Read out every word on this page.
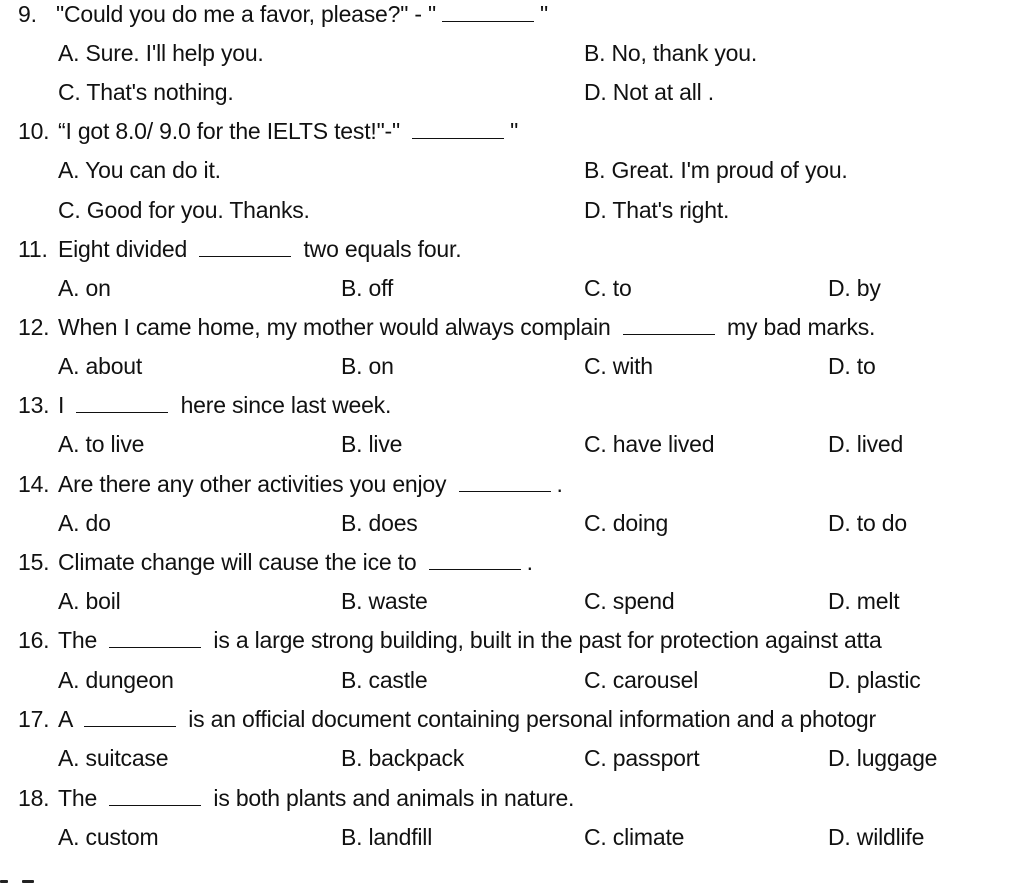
9. "Could you do me a favor, please?" - "	"
A. Sure. I'll help you.	B. No, thank you.
C. That's nothing.	D. Not at all .
10. “I got 8.0/ 9.0 for the IELTS test!"-"	"
A. You can do it.	B. Great. I'm proud of you.
C. Good for you. Thanks.	D. That's right.
11. Eight divided	two equals four.
A. on	B. off	C. to	D. by
12. When I came home, my mother would always complain	my bad marks.
A. about	B. on	C. with	D. to
13. I	here since last week.
A. to live	B. live	C. have lived	D. lived
14. Are there any other activities you enjoy	.
A. do	B. does	C. doing	D. to do
15. Climate change will cause the ice to	.
A. boil	B. waste	C. spend	D. melt
16. The	is a large strong building, built in the past for protection against atta
A. dungeon	B. castle	C. carousel	D. plastic
17. A	is an official document containing personal information and a photogr
A. suitcase	B. backpack	C. passport	D. luggage
18. The	is both plants and animals in nature.
A. custom	B. landfill	C. climate	D. wildlife
